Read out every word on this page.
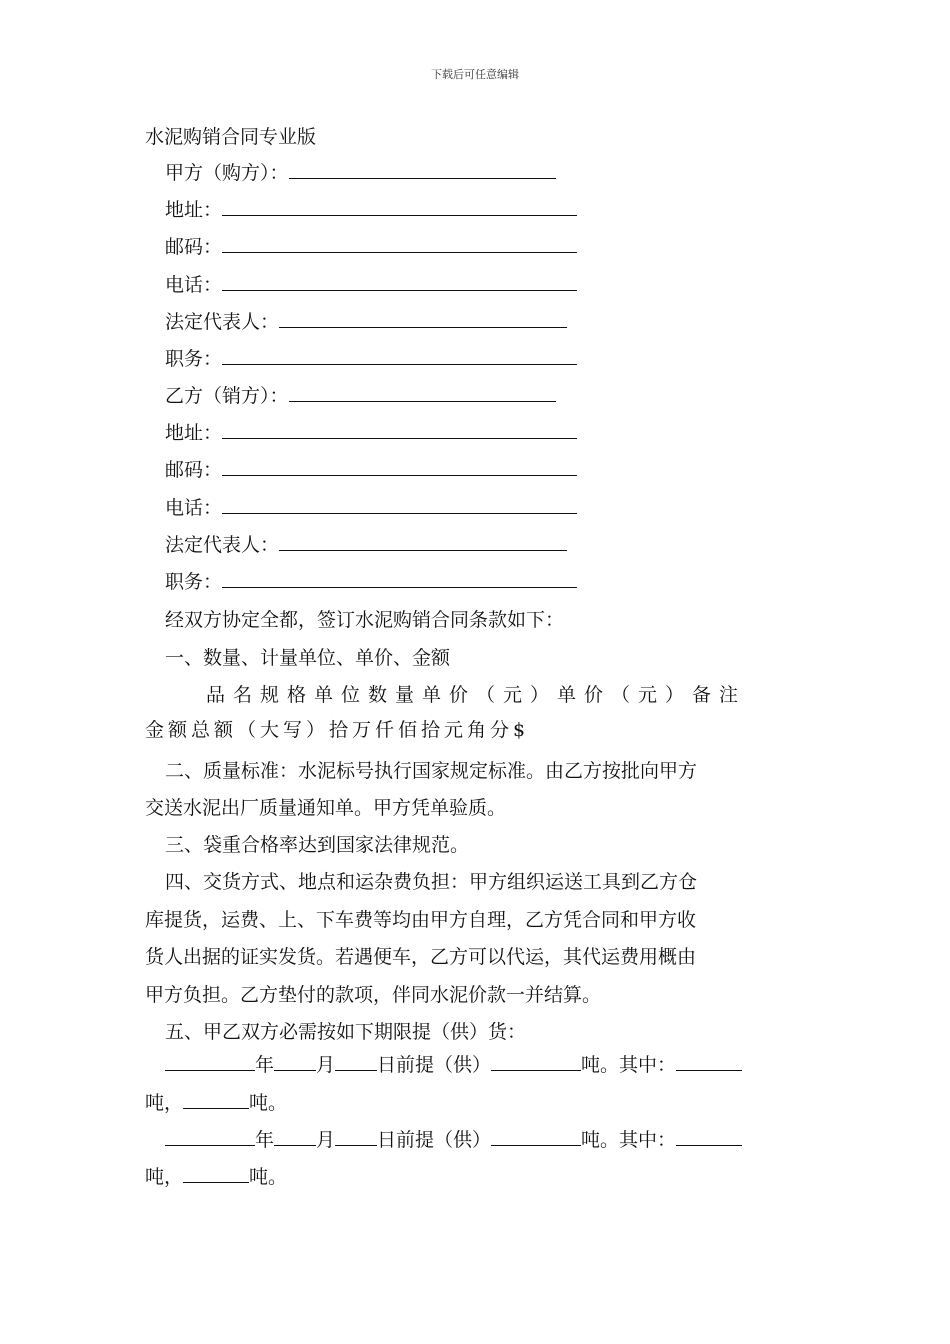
下载后可任意编辑
水泥购销合同专业版
甲方（购方）：
地址：
邮码：
电话：
法定代表人：
职务：
乙方（销方）：
地址：
邮码：
电话：
法定代表人：
职务：
经双方协定全都，签订水泥购销合同条款如下：
一、数量、计量单位、单价、金额
品名规格单位数量单价（元）单价（元）备注
金额总额（大写）拾万仟佰拾元角分$
二、质量标准：水泥标号执行国家规定标准。由乙方按批向甲方
交送水泥出厂质量通知单。甲方凭单验质。
三、袋重合格率达到国家法律规范。
四、交货方式、地点和运杂费负担：甲方组织运送工具到乙方仓
库提货，运费、上、下车费等均由甲方自理，乙方凭合同和甲方收
货人出据的证实发货。若遇便车，乙方可以代运，其代运费用概由
甲方负担。乙方垫付的款项，伴同水泥价款一并结算。
五、甲乙双方必需按如下期限提（供）货：
年 月 日前提（供）	吨。其中：
吨，	吨。
年 月 日前提（供）	吨。其中：
吨，	吨。
